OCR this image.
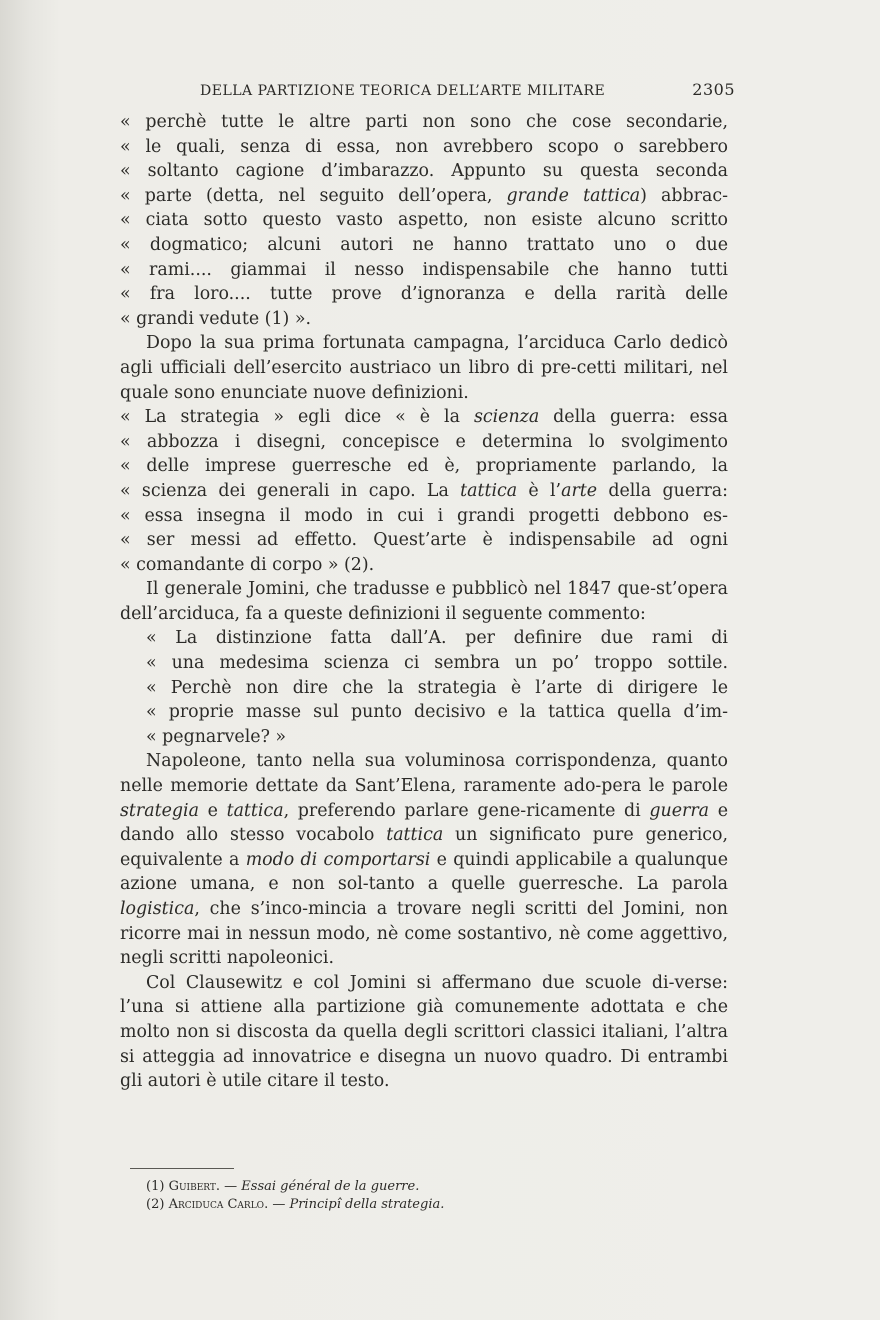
DELLA PARTIZIONE TEORICA DELL’ARTE MILITARE	2305
« perchè tutte le altre parti non sono che cose secondarie,
« le quali, senza di essa, non avrebbero scopo o sarebbero
« soltanto cagione d’imbarazzo. Appunto su questa seconda
« parte (detta, nel seguito dell’opera, grande tattica) abbrac-
« ciata sotto questo vasto aspetto, non esiste alcuno scritto
« dogmatico; alcuni autori ne hanno trattato uno o due
« rami.... giammai il nesso indispensabile che hanno tutti
« fra loro.... tutte prove d’ignoranza e della rarità delle
« grandi vedute (1) ».

Dopo la sua prima fortunata campagna, l’arciduca Carlo dedicò agli ufficiali dell’esercito austriaco un libro di pre-cetti militari, nel quale sono enunciate nuove definizioni.

« La strategia » egli dice « è la scienza della guerra: essa
« abbozza i disegni, concepisce e determina lo svolgimento
« delle imprese guerresche ed è, propriamente parlando, la
« scienza dei generali in capo. La tattica è l’arte della guerra:
« essa insegna il modo in cui i grandi progetti debbono es-
« ser messi ad effetto. Quest’arte è indispensabile ad ogni
« comandante di corpo » (2).

Il generale Jomini, che tradusse e pubblicò nel 1847 que-st’opera dell’arciduca, fa a queste definizioni il seguente commento:

« La distinzione fatta dall’A. per definire due rami di
« una medesima scienza ci sembra un po’ troppo sottile.
« Perchè non dire che la strategia è l’arte di dirigere le
« proprie masse sul punto decisivo e la tattica quella d’im-
« pegnarvele? »

Napoleone, tanto nella sua voluminosa corrispondenza, quanto nelle memorie dettate da Sant’Elena, raramente ado-pera le parole strategia e tattica, preferendo parlare gene-ricamente di guerra e dando allo stesso vocabolo tattica un significato pure generico, equivalente a modo di comportarsi e quindi applicabile a qualunque azione umana, e non sol-tanto a quelle guerresche. La parola logistica, che s’inco-mincia a trovare negli scritti del Jomini, non ricorre mai in nessun modo, nè come sostantivo, nè come aggettivo, negli scritti napoleonici.

Col Clausewitz e col Jomini si affermano due scuole di-verse: l’una si attiene alla partizione già comunemente adottata e che molto non si discosta da quella degli scrittori classici italiani, l’altra si atteggia ad innovatrice e disegna un nuovo quadro. Di entrambi gli autori è utile citare il testo.

(1) Guibert. — Essai général de la guerre.
(2) Arciduca Carlo. — Principî della strategia.
